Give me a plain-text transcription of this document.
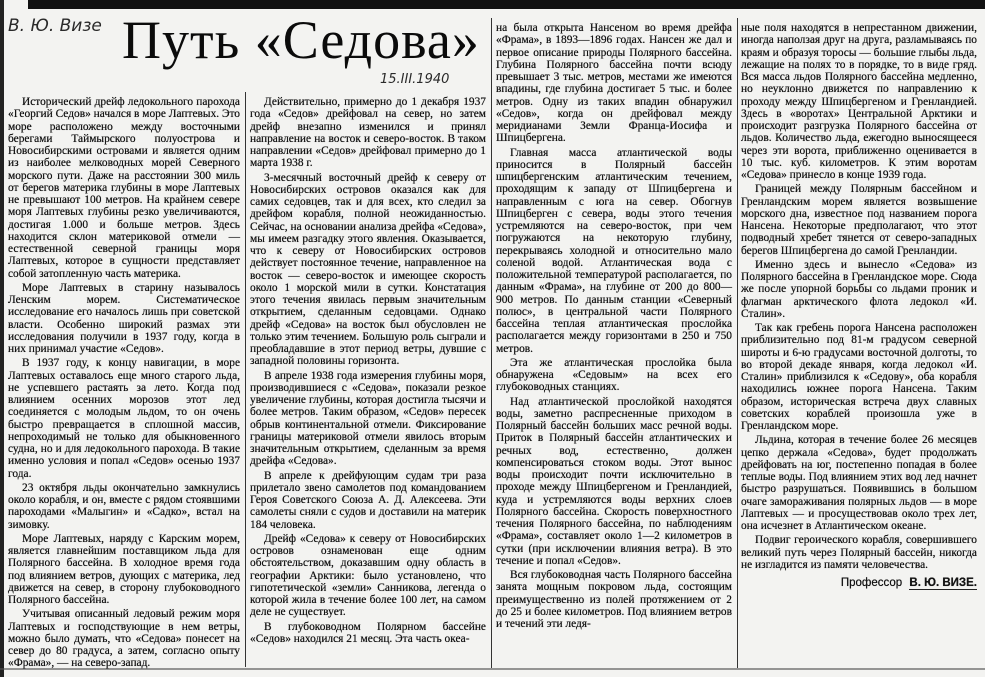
В. Ю. Визе
15.III.1940
Путь «Седова»

Исторический дрейф ледокольного парохода «Георгий Седов» начался в море Лаптевых. Это море расположено между восточными берегами Таймырского полуострова и Новосибирскими островами и является одним из наиболее мелководных морей Северного морского пути. Даже на расстоянии 300 миль от берегов материка глубины в море Лаптевых не превышают 100 метров. На крайнем севере моря Лаптевых глубины резко увеличиваются, достигая 1.000 и больше метров. Здесь находится склон материковой отмели — естественной северной границы моря Лаптевых, которое в сущности представляет собой затопленную часть материка.

Море Лаптевых в старину называлось Ленским морем. Систематическое исследование его началось лишь при советской власти. Особенно широкий размах эти исследования получили в 1937 году, когда в них принимал участие «Седов».

В 1937 году, к концу навигации, в море Лаптевых оставалось еще много старого льда, не успевшего растаять за лето. Когда под влиянием осенних морозов этот лед соединяется с молодым льдом, то он очень быстро превращается в сплошной массив, непроходимый не только для обыкновенного судна, но и для ледокольного парохода. В такие именно условия и попал «Седов» осенью 1937 года.

23 октября льды окончательно замкнулись около корабля, и он, вместе с рядом стоявшими пароходами «Малыгин» и «Садко», встал на зимовку.

Море Лаптевых, наряду с Карским морем, является главнейшим поставщиком льда для Полярного бассейна. В холодное время года под влиянием ветров, дующих с материка, лед движется на север, в сторону глубоководного Полярного бассейна.

Учитывая описанный ледовый режим моря Лаптевых и господствующие в нем ветры, можно было думать, что «Седова» понесет на север до 80 градуса, а затем, согласно опыту «Фрама», — на северо-запад.

Действительно, примерно до 1 декабря 1937 года «Седов» дрейфовал на север, но затем дрейф внезапно изменился и принял направление на восток и северо-восток. В таком направлении «Седов» дрейфовал примерно до 1 марта 1938 г.

3-месячный восточный дрейф к северу от Новосибирских островов оказался как для самих седовцев, так и для всех, кто следил за дрейфом корабля, полной неожиданностью. Сейчас, на основании анализа дрейфа «Седова», мы имеем разгадку этого явления. Оказывается, что к северу от Новосибирских островов действует постоянное течение, направленное на восток — северо-восток и имеющее скорость около 1 морской мили в сутки. Констатация этого течения явилась первым значительным открытием, сделанным седовцами. Однако дрейф «Седова» на восток был обусловлен не только этим течением. Большую роль сыграли и преобладавшие в этот период ветры, дувшие с западной половины горизонта.

В апреле 1938 года измерения глубины моря, производившиеся с «Седова», показали резкое увеличение глубины, которая достигла тысячи и более метров. Таким образом, «Седов» пересек обрыв континентальной отмели. Фиксирование границы материковой отмели явилось вторым значительным открытием, сделанным за время дрейфа «Седова».

В апреле к дрейфующим судам три раза прилетало звено самолетов под командованием Героя Советского Союза А. Д. Алексеева. Эти самолеты сняли с судов и доставили на материк 184 человека.

Дрейф «Седова» к северу от Новосибирских островов ознаменован еще одним обстоятельством, доказавшим одну область в географии Арктики: было установлено, что гипотетической «земли» Санникова, легенда о которой жила в течение более 100 лет, на самом деле не существует.

В глубоководном Полярном бассейне «Седов» находился 21 месяц. Эта часть океа-

на была открыта Нансеном во время дрейфа «Фрама», в 1893—1896 годах. Нансен же дал и первое описание природы Полярного бассейна. Глубина Полярного бассейна почти всюду превышает 3 тыс. метров, местами же имеются впадины, где глубина достигает 5 тыс. и более метров. Одну из таких впадин обнаружил «Седов», когда он дрейфовал между меридианами Земли Франца-Иосифа и Шпицбергена.

Главная масса атлантической воды приносится в Полярный бассейн шпицбергенским атлантическим течением, проходящим к западу от Шпицбергена и направленным с юга на север. Обогнув Шпицберген с севера, воды этого течения устремляются на северо-восток, при чем погружаются на некоторую глубину, перекрываясь холодной и относительно мало соленой водой. Атлантическая вода с положительной температурой располагается, по данным «Фрама», на глубине от 200 до 800—900 метров. По данным станции «Северный полюс», в центральной части Полярного бассейна теплая атлантическая прослойка располагается между горизонтами в 250 и 750 метров.

Эта же атлантическая прослойка была обнаружена «Седовым» на всех его глубоководных станциях.

Над атлантической прослойкой находятся воды, заметно распресненные приходом в Полярный бассейн больших масс речной воды. Приток в Полярный бассейн атлантических и речных вод, естественно, должен компенсироваться стоком воды. Этот вынос воды происходит почти исключительно в проходе между Шпицбергеном и Гренландией, куда и устремляются воды верхних слоев Полярного бассейна. Скорость поверхностного течения Полярного бассейна, по наблюдениям «Фрама», составляет около 1—2 километров в сутки (при исключении влияния ветра). В это течение и попал «Седов».

Вся глубоководная часть Полярного бассейна занята мощным покровом льда, состоящим преимущественно из полей протяжением от 2 до 25 и более километров. Под влиянием ветров и течений эти ледя-

ные поля находятся в непрестанном движении, иногда наползая друг на друга, разламываясь по краям и образуя торосы — большие глыбы льда, лежащие на полях то в порядке, то в виде гряд. Вся масса льдов Полярного бассейна медленно, но неуклонно движется по направлению к проходу между Шпицбергеном и Гренландией. Здесь в «воротах» Центральной Арктики и происходит разгрузка Полярного бассейна от льдов. Количество льда, ежегодно выносящееся через эти ворота, приближенно оценивается в 10 тыс. куб. километров. К этим воротам «Седова» принесло в конце 1939 года.

Границей между Полярным бассейном и Гренландским морем является возвышение морского дна, известное под названием порога Нансена. Некоторые предполагают, что этот подводный хребет тянется от северо-западных берегов Шпицбергена до самой Гренландии.

Именно здесь и вынесло «Седова» из Полярного бассейна в Гренландское море. Сюда же после упорной борьбы со льдами проник и флагман арктического флота ледокол «И. Сталин».

Так как гребень порога Нансена расположен приблизительно под 81-м градусом северной широты и 6-ю градусами восточной долготы, то во второй декаде января, когда ледокол «И. Сталин» приблизился к «Седову», оба корабля находились южнее порога Нансена. Таким образом, историческая встреча двух славных советских кораблей произошла уже в Гренландском море.

Льдина, которая в течение более 26 месяцев цепко держала «Седова», будет продолжать дрейфовать на юг, постепенно попадая в более теплые воды. Под влиянием этих вод лед начнет быстро разрушаться. Появившись в большом очаге замораживания полярных льдов — в море Лаптевых — и просуществовав около трех лет, она исчезнет в Атлантическом океане.

Подвиг героического корабля, совершившего великий путь через Полярный бассейн, никогда не изгладится из памяти человечества.

Профессор В. Ю. ВИЗЕ.
